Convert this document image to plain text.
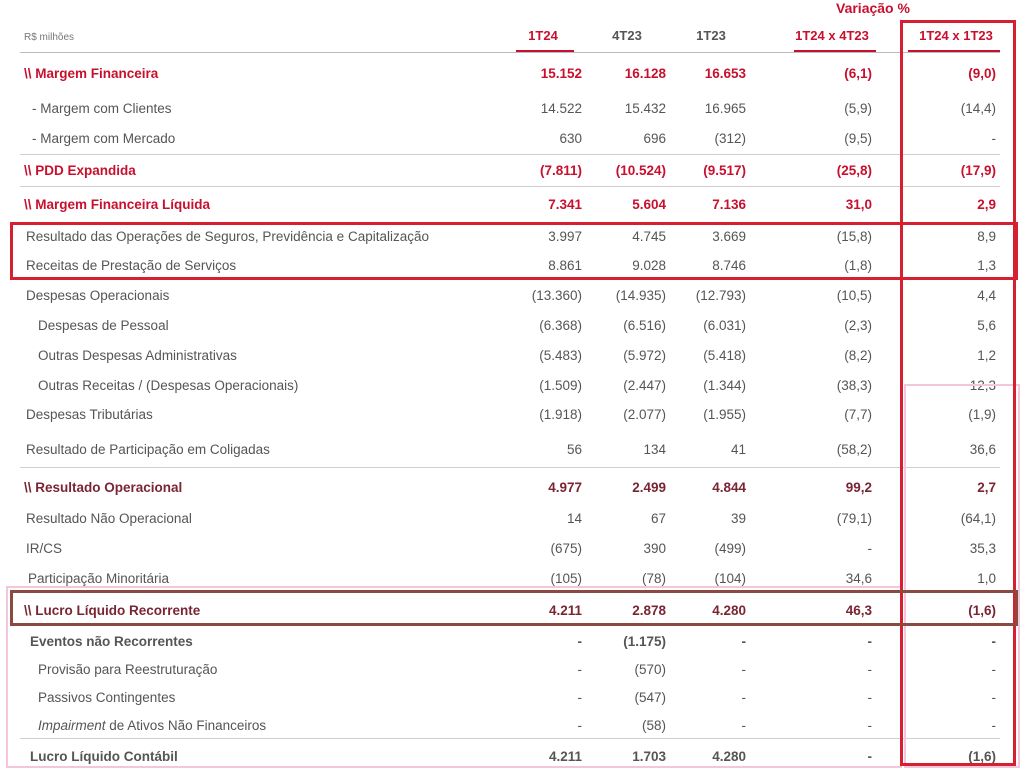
Variação %
R$ milhões	1T24	4T23	1T23	1T24 x 4T23	1T24 x 1T23
\\ Margem Financeira	15.152	16.128	16.653	(6,1)	(9,0)
- Margem com Clientes	14.522	15.432	16.965	(5,9)	(14,4)
- Margem com Mercado	630	696	(312)	(9,5)	-
\\ PDD Expandida	(7.811)	(10.524)	(9.517)	(25,8)	(17,9)
\\ Margem Financeira Líquida	7.341	5.604	7.136	31,0	2,9
Resultado das Operações de Seguros, Previdência e Capitalização	3.997	4.745	3.669	(15,8)	8,9
Receitas de Prestação de Serviços	8.861	9.028	8.746	(1,8)	1,3
Despesas Operacionais	(13.360)	(14.935)	(12.793)	(10,5)	4,4
Despesas de Pessoal	(6.368)	(6.516)	(6.031)	(2,3)	5,6
Outras Despesas Administrativas	(5.483)	(5.972)	(5.418)	(8,2)	1,2
Outras Receitas / (Despesas Operacionais)	(1.509)	(2.447)	(1.344)	(38,3)	12,3
Despesas Tributárias	(1.918)	(2.077)	(1.955)	(7,7)	(1,9)
Resultado de Participação em Coligadas	56	134	41	(58,2)	36,6
\\ Resultado Operacional	4.977	2.499	4.844	99,2	2,7
Resultado Não Operacional	14	67	39	(79,1)	(64,1)
IR/CS	(675)	390	(499)	-	35,3
Participação Minoritária	(105)	(78)	(104)	34,6	1,0
\\ Lucro Líquido Recorrente	4.211	2.878	4.280	46,3	(1,6)
Eventos não Recorrentes	-	(1.175)	-	-	-
Provisão para Reestruturação	-	(570)	-	-	-
Passivos Contingentes	-	(547)	-	-	-
Impairment de Ativos Não Financeiros	-	(58)	-	-	-
Lucro Líquido Contábil	4.211	1.703	4.280	-	(1,6)
